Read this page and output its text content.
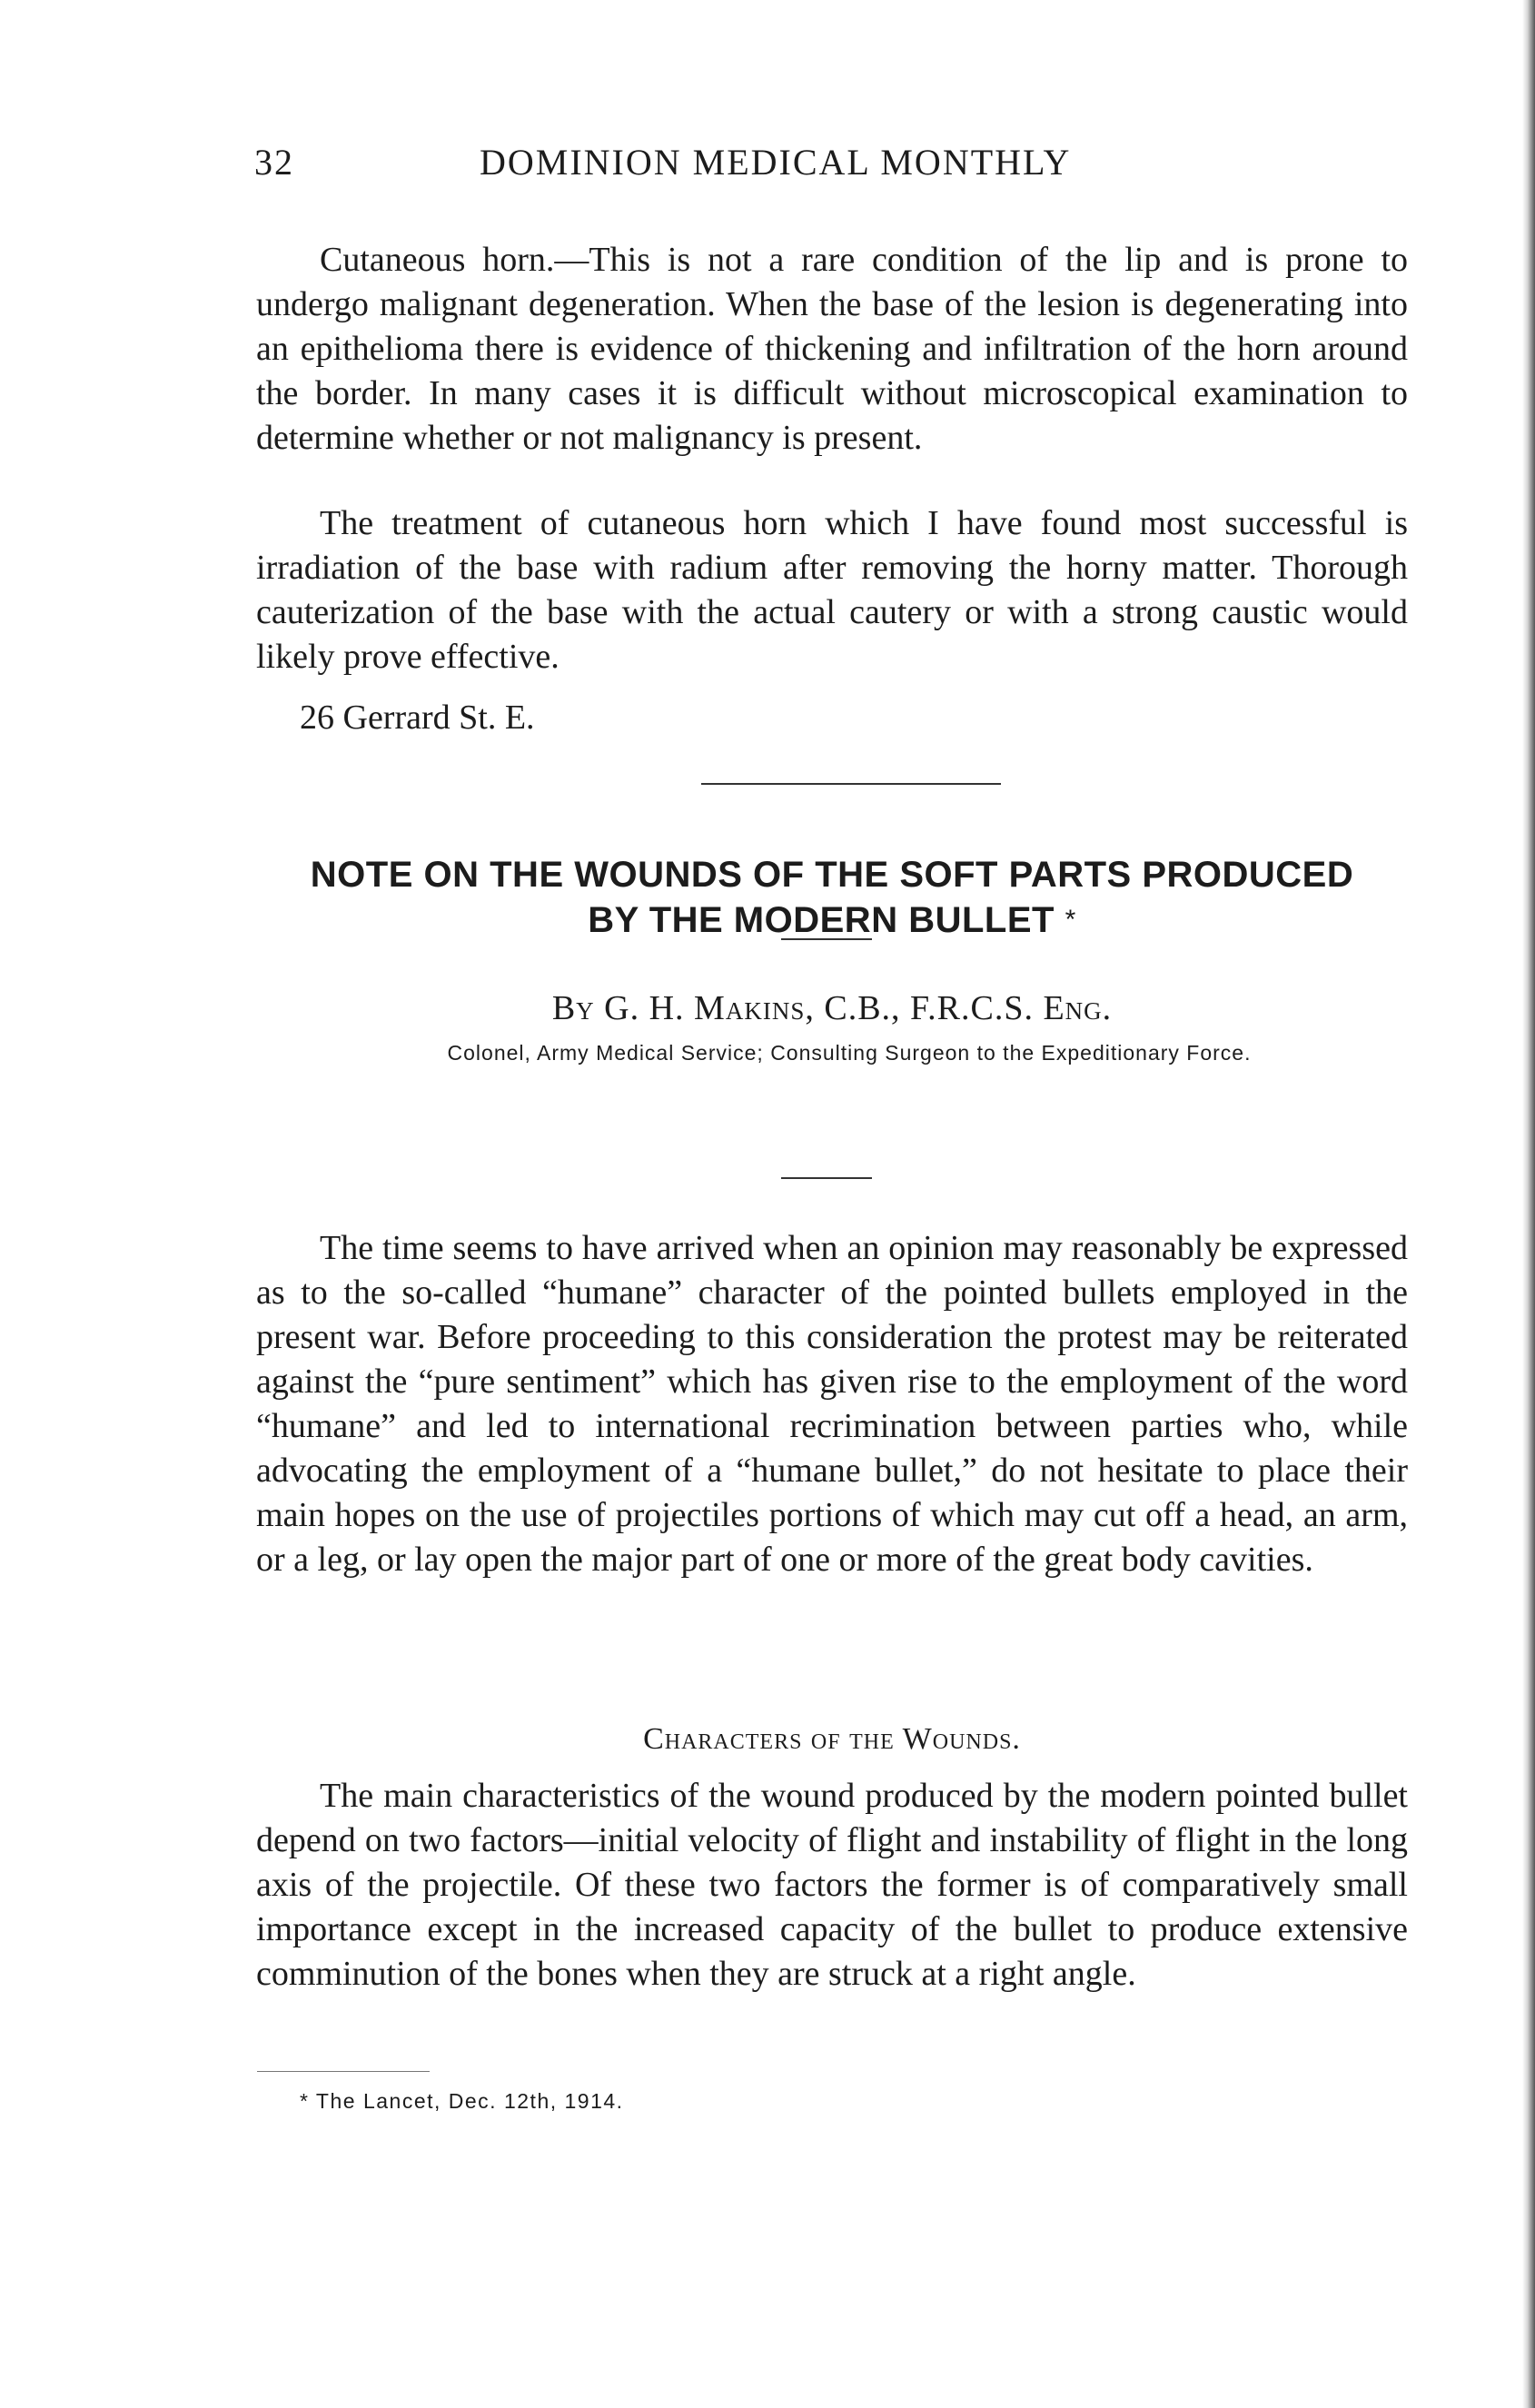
32	DOMINION MEDICAL MONTHLY

Cutaneous horn.—This is not a rare condition of the lip and is prone to undergo malignant degeneration. When the base of the lesion is degenerating into an epithelioma there is evidence of thickening and infiltration of the horn around the border. In many cases it is difficult without microscopical examination to determine whether or not malignancy is present.

The treatment of cutaneous horn which I have found most successful is irradiation of the base with radium after removing the horny matter. Thorough cauterization of the base with the actual cautery or with a strong caustic would likely prove effective.

26 Gerrard St. E.
NOTE ON THE WOUNDS OF THE SOFT PARTS PRODUCED
BY THE MODERN BULLET *
By G. H. Makins, C.B., F.R.C.S. Eng.
Colonel, Army Medical Service; Consulting Surgeon to the Expeditionary Force.

The time seems to have arrived when an opinion may reasonably be expressed as to the so-called “humane” character of the pointed bullets employed in the present war. Before proceeding to this consideration the protest may be reiterated against the “pure sentiment” which has given rise to the employment of the word “humane” and led to international recrimination between parties who, while advocating the employment of a “humane bullet,” do not hesitate to place their main hopes on the use of projectiles portions of which may cut off a head, an arm, or a leg, or lay open the major part of one or more of the great body cavities.

Characters of the Wounds.

The main characteristics of the wound produced by the modern pointed bullet depend on two factors—initial velocity of flight and instability of flight in the long axis of the projectile. Of these two factors the former is of comparatively small importance except in the increased capacity of the bullet to produce extensive comminution of the bones when they are struck at a right angle.

* The Lancet, Dec. 12th, 1914.
